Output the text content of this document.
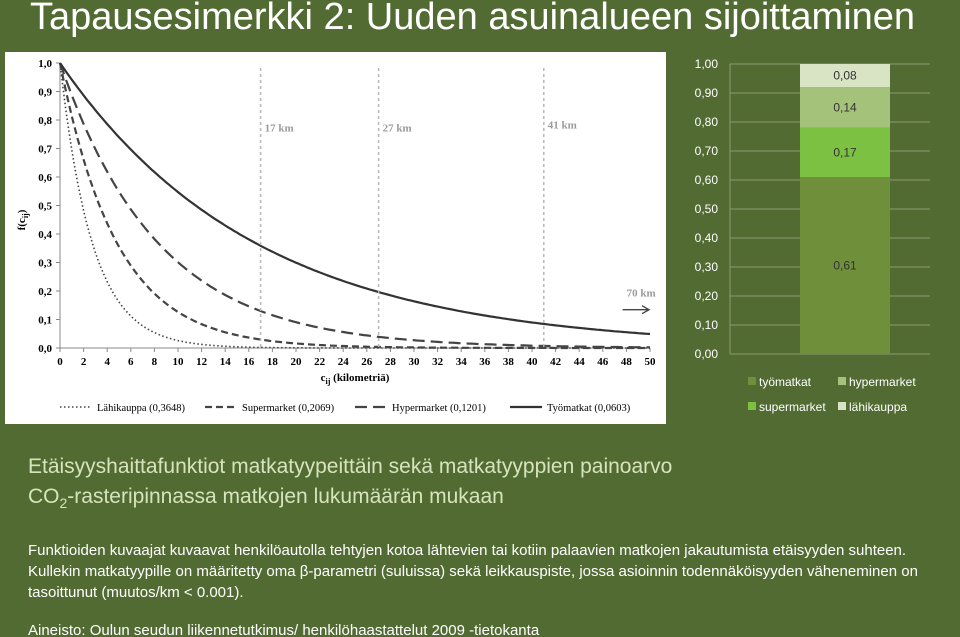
Tapausesimerkki 2: Uuden asuinalueen sijoittaminen
0,0
0,1
0,2
0,3
0,4
0,5
0,6
0,7
0,8
0,9
1,0
0 2 4 6 8 10 12 14 16 18 20 22 24 26 28 30 32 34 36 38 40 42 44 46 48 50
$f(c_{ij})$
$c_{ij}$ (kilometriä)
17 km	27 km	41 km
70 km
Lähikauppa (0,3648)	Supermarket (0,2069)	Hypermarket (0,1201)	Työmatkat (0,0603)
0,00
0,10
0,20
0,30
0,40
0,50
0,60
0,70
0,80
0,90
1,00
0,61
0,17
0,14
0,08
työmatkat	hypermarket
supermarket lähikauppa
Etäisyyshaittafunktiot matkatyypeittäin sekä matkatyyppien painoarvo
$CO_2$-rasteripinnassa matkojen lukumäärän mukaan
Funktioiden kuvaajat kuvaavat henkilöautolla tehtyjen kotoa lähtevien tai kotiin palaavien matkojen jakautumista etäisyyden suhteen. Kullekin matkatyypille on määritetty oma β-parametri (suluissa) sekä leikkauspiste, jossa asioinnin todennäköisyyden väheneminen on tasoittunut (muutos/km < 0.001).
Aineisto: Oulun seudun liikennetutkimus/ henkilöhaastattelut 2009 -tietokanta
